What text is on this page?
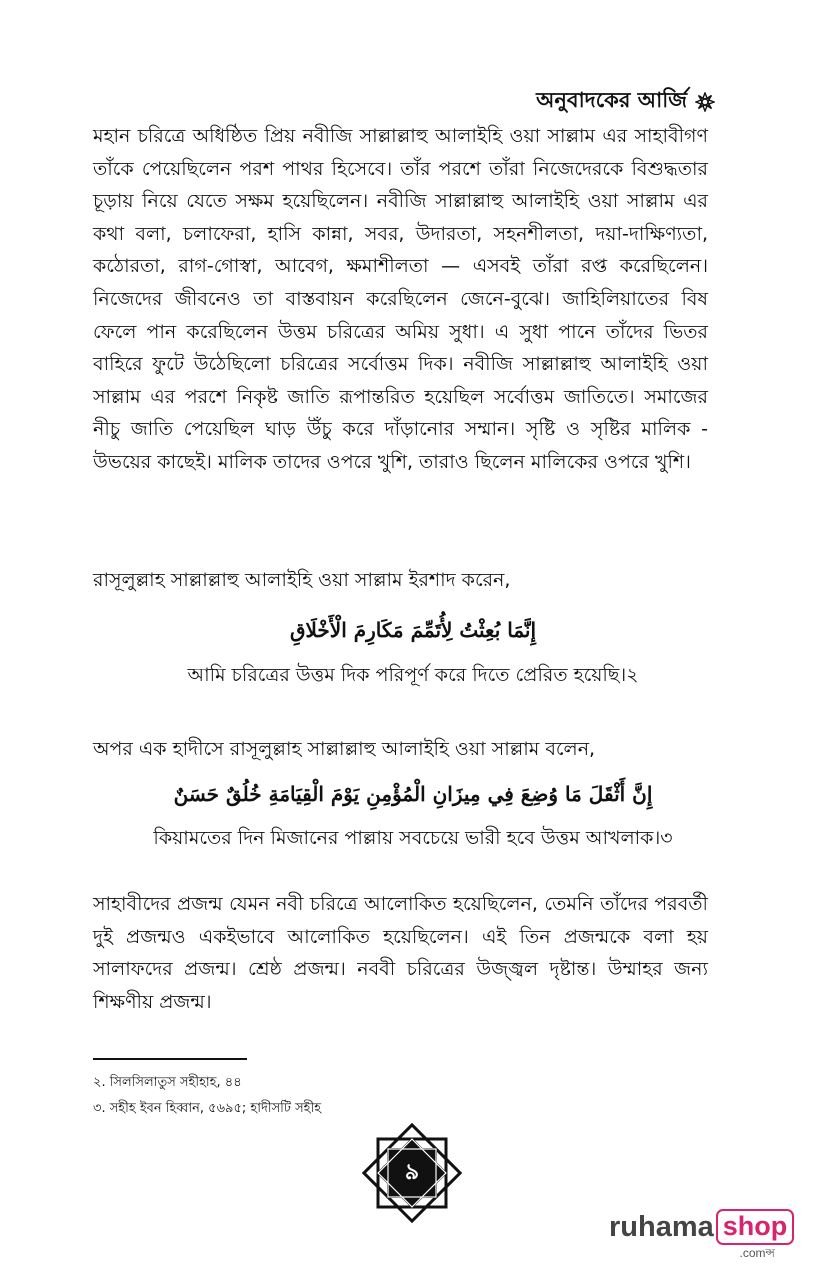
অনুবাদকের আর্জি

মহান চরিত্রে অধিষ্ঠিত প্রিয় নবীজি সাল্লাল্লাহু আলাইহি ওয়া সাল্লাম এর সাহাবীগণ তাঁকে পেয়েছিলেন পরশ পাথর হিসেবে। তাঁর পরশে তাঁরা নিজেদেরকে বিশুদ্ধতার চূড়ায় নিয়ে যেতে সক্ষম হয়েছিলেন। নবীজি সাল্লাল্লাহু আলাইহি ওয়া সাল্লাম এর কথা বলা, চলাফেরা, হাসি কান্না, সবর, উদারতা, সহনশীলতা, দয়া-দাক্ষিণ্যতা, কঠোরতা, রাগ-গোস্বা, আবেগ, ক্ষমাশীলতা — এসবই তাঁরা রপ্ত করেছিলেন। নিজেদের জীবনেও তা বাস্তবায়ন করেছিলেন জেনে-বুঝে। জাহিলিয়াতের বিষ ফেলে পান করেছিলেন উত্তম চরিত্রের অমিয় সুধা। এ সুধা পানে তাঁদের ভিতর বাহিরে ফুটে উঠেছিলো চরিত্রের সর্বোত্তম দিক। নবীজি সাল্লাল্লাহু আলাইহি ওয়া সাল্লাম এর পরশে নিকৃষ্ট জাতি রূপান্তরিত হয়েছিল সর্বোত্তম জাতিতে। সমাজের নীচু জাতি পেয়েছিল ঘাড় উঁচু করে দাঁড়ানোর সম্মান। সৃষ্টি ও সৃষ্টির মালিক - উভয়ের কাছেই। মালিক তাদের ওপরে খুশি, তারাও ছিলেন মালিকের ওপরে খুশি।

রাসূলুল্লাহ সাল্লাল্লাহু আলাইহি ওয়া সাল্লাম ইরশাদ করেন,

إِنَّمَا بُعِثْتُ لِأُتَمِّمَ مَكَارِمَ الْأَخْلَاقِ

আমি চরিত্রের উত্তম দিক পরিপূর্ণ করে দিতে প্রেরিত হয়েছি।২

অপর এক হাদীসে রাসূলুল্লাহ সাল্লাল্লাহু আলাইহি ওয়া সাল্লাম বলেন,

إِنَّ أَثْقَلَ مَا وُضِعَ فِي مِيزَانِ الْمُؤْمِنِ يَوْمَ الْقِيَامَةِ خُلُقٌ حَسَنٌ

কিয়ামতের দিন মিজানের পাল্লায় সবচেয়ে ভারী হবে উত্তম আখলাক।৩

সাহাবীদের প্রজন্ম যেমন নবী চরিত্রে আলোকিত হয়েছিলেন, তেমনি তাঁদের পরবর্তী দুই প্রজন্মও একইভাবে আলোকিত হয়েছিলেন। এই তিন প্রজন্মকে বলা হয় সালাফদের প্রজন্ম। শ্রেষ্ঠ প্রজন্ম। নববী চরিত্রের উজ্জ্বল দৃষ্টান্ত। উম্মাহর জন্য শিক্ষণীয় প্রজন্ম।

২. সিলসিলাতুস সহীহাহ, ৪৪

৩. সহীহ ইবন হিব্বান, ৫৬৯৫; হাদীসটি সহীহ

৯
ruhama shop
.comন্স
